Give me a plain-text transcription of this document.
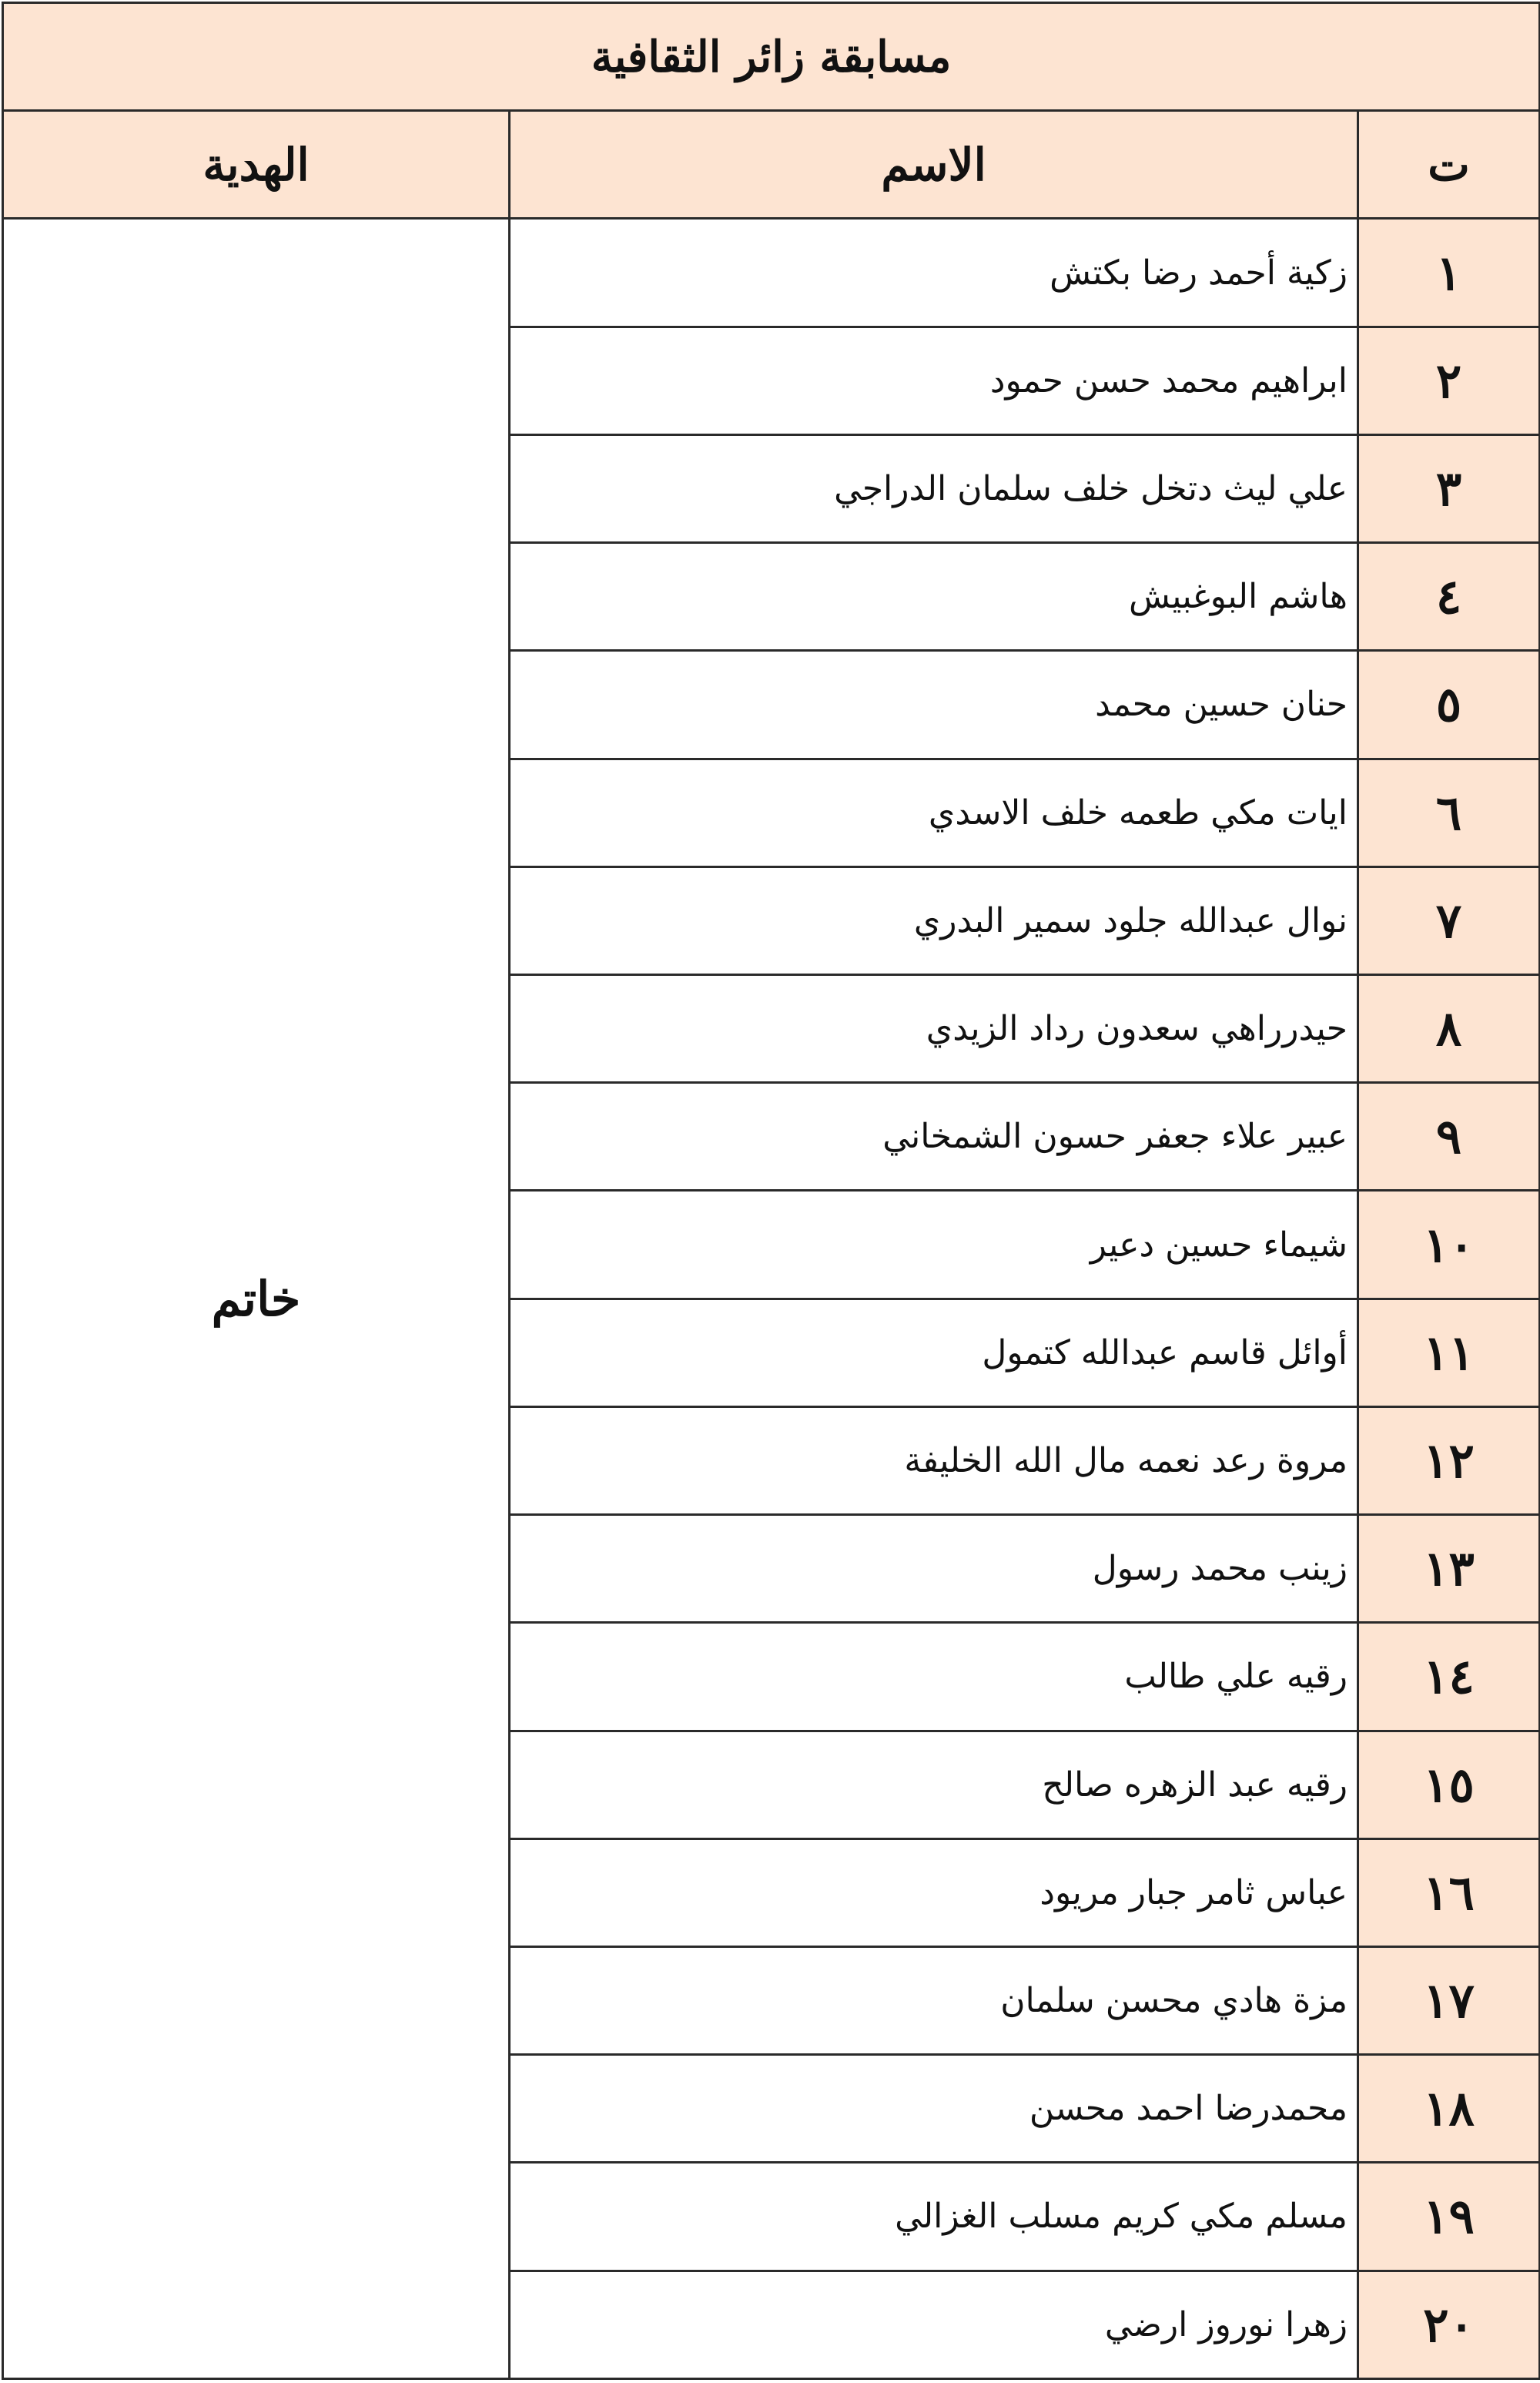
مسابقة زائر الثقافية		
ت	الاسم	الهدية
١	زكية أحمد رضا بكتش	خاتم
٢	ابراهيم محمد حسن حمود	
٣	علي ليث دتخل خلف سلمان الدراجي	
٤	هاشم البوغبيش	
٥	حنان حسين محمد	
٦	ايات مكي طعمه خلف الاسدي	
٧	نوال عبدالله جلود سمير البدري	
٨	حيدرراهي سعدون رداد الزيدي	
٩	عبير علاء جعفر حسون الشمخاني	
١٠	شيماء حسين دعير	
١١	أوائل قاسم عبدالله كتمول	
١٢	مروة رعد نعمه مال الله الخليفة	
١٣	زينب محمد رسول	
١٤	رقيه علي طالب	
١٥	رقيه عبد الزهره صالح	
١٦	عباس ثامر جبار مريود	
١٧	مزة هادي محسن سلمان	
١٨	محمدرضا احمد محسن	
١٩	مسلم مكي كريم مسلب الغزالي	
٢٠	زهرا نوروز ارضي	
